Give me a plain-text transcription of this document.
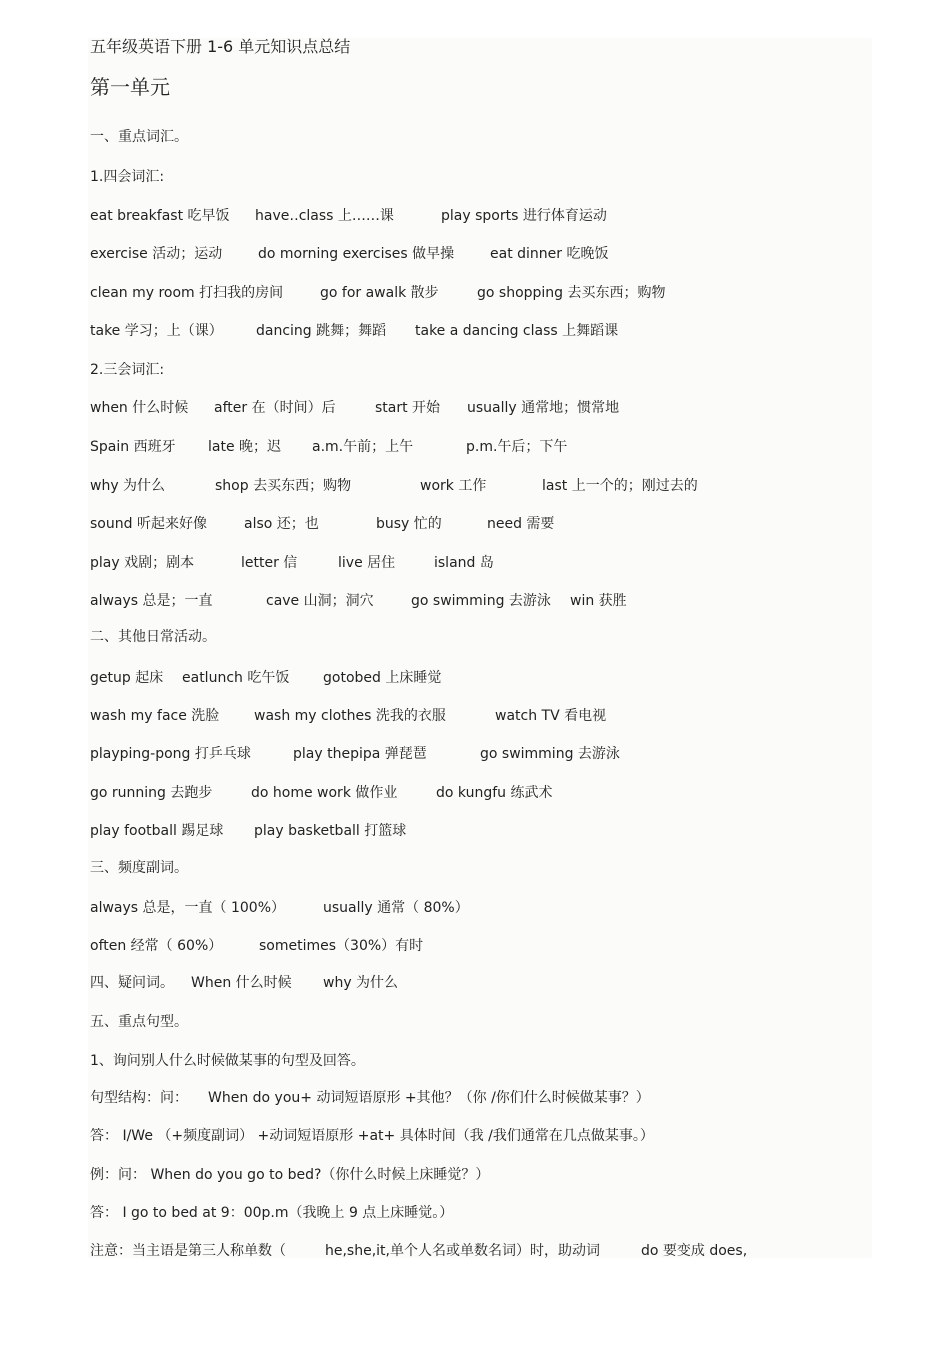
五年级英语下册 1-6 单元知识点总结
第一单元
一、重点词汇。
1.四会词汇:
eat breakfast 吃早饭 have‥class 上……课	play sports 进行体育运动
exercise 活动；运动	do morning exercises 做早操	eat dinner 吃晚饭
clean my room 打扫我的房间	go for awalk 散步	go shopping 去买东西；购物
take 学习；上（课） dancing 跳舞；舞蹈 take a dancing class 上舞蹈课
2.三会词汇:
when 什么时候 after 在（时间）后	start 开始 usually 通常地；惯常地
Spain 西班牙 late 晚；迟 a.m.午前；上午	p.m.午后；下午
why 为什么	shop 去买东西；购物	work 工作	last 上一个的；刚过去的
sound 听起来好像	also 还；也	busy 忙的	need 需要
play 戏剧；剧本	letter 信	live 居住	island 岛
always 总是；一直	cave 山洞；洞穴	go swimming 去游泳 win 获胜
二、其他日常活动。
getup 起床 eatlunch 吃午饭 gotobed 上床睡觉
wash my face 洗脸 wash my clothes 洗我的衣服	watch TV 看电视
playping-pong 打乒乓球	play thepipa 弹琵琶	go swimming 去游泳
go running 去跑步	do home work 做作业	do kungfu 练武术
play football 踢足球 play basketball 打篮球
三、频度副词。
always 总是，一直（ 100%）	usually 通常（ 80%）
often 经常（ 60%）	sometimes（30%）有时
四、疑问词。 When 什么时候 why 为什么
五、重点句型。
1、询问别人什么时候做某事的句型及回答。
句型结构：问： When do you+ 动词短语原形 +其他？（你 /你们什么时候做某事？）
答： I/We （+频度副词） +动词短语原形 +at+ 具体时间（我 /我们通常在几点做某事。）
例：问： When do you go to bed?（你什么时候上床睡觉？）
答： I go to bed at 9：00p.m（我晚上 9 点上床睡觉。）
注意：当主语是第三人称单数（	he,she,it,单个人名或单数名词）时，助动词	do 要变成 does,
